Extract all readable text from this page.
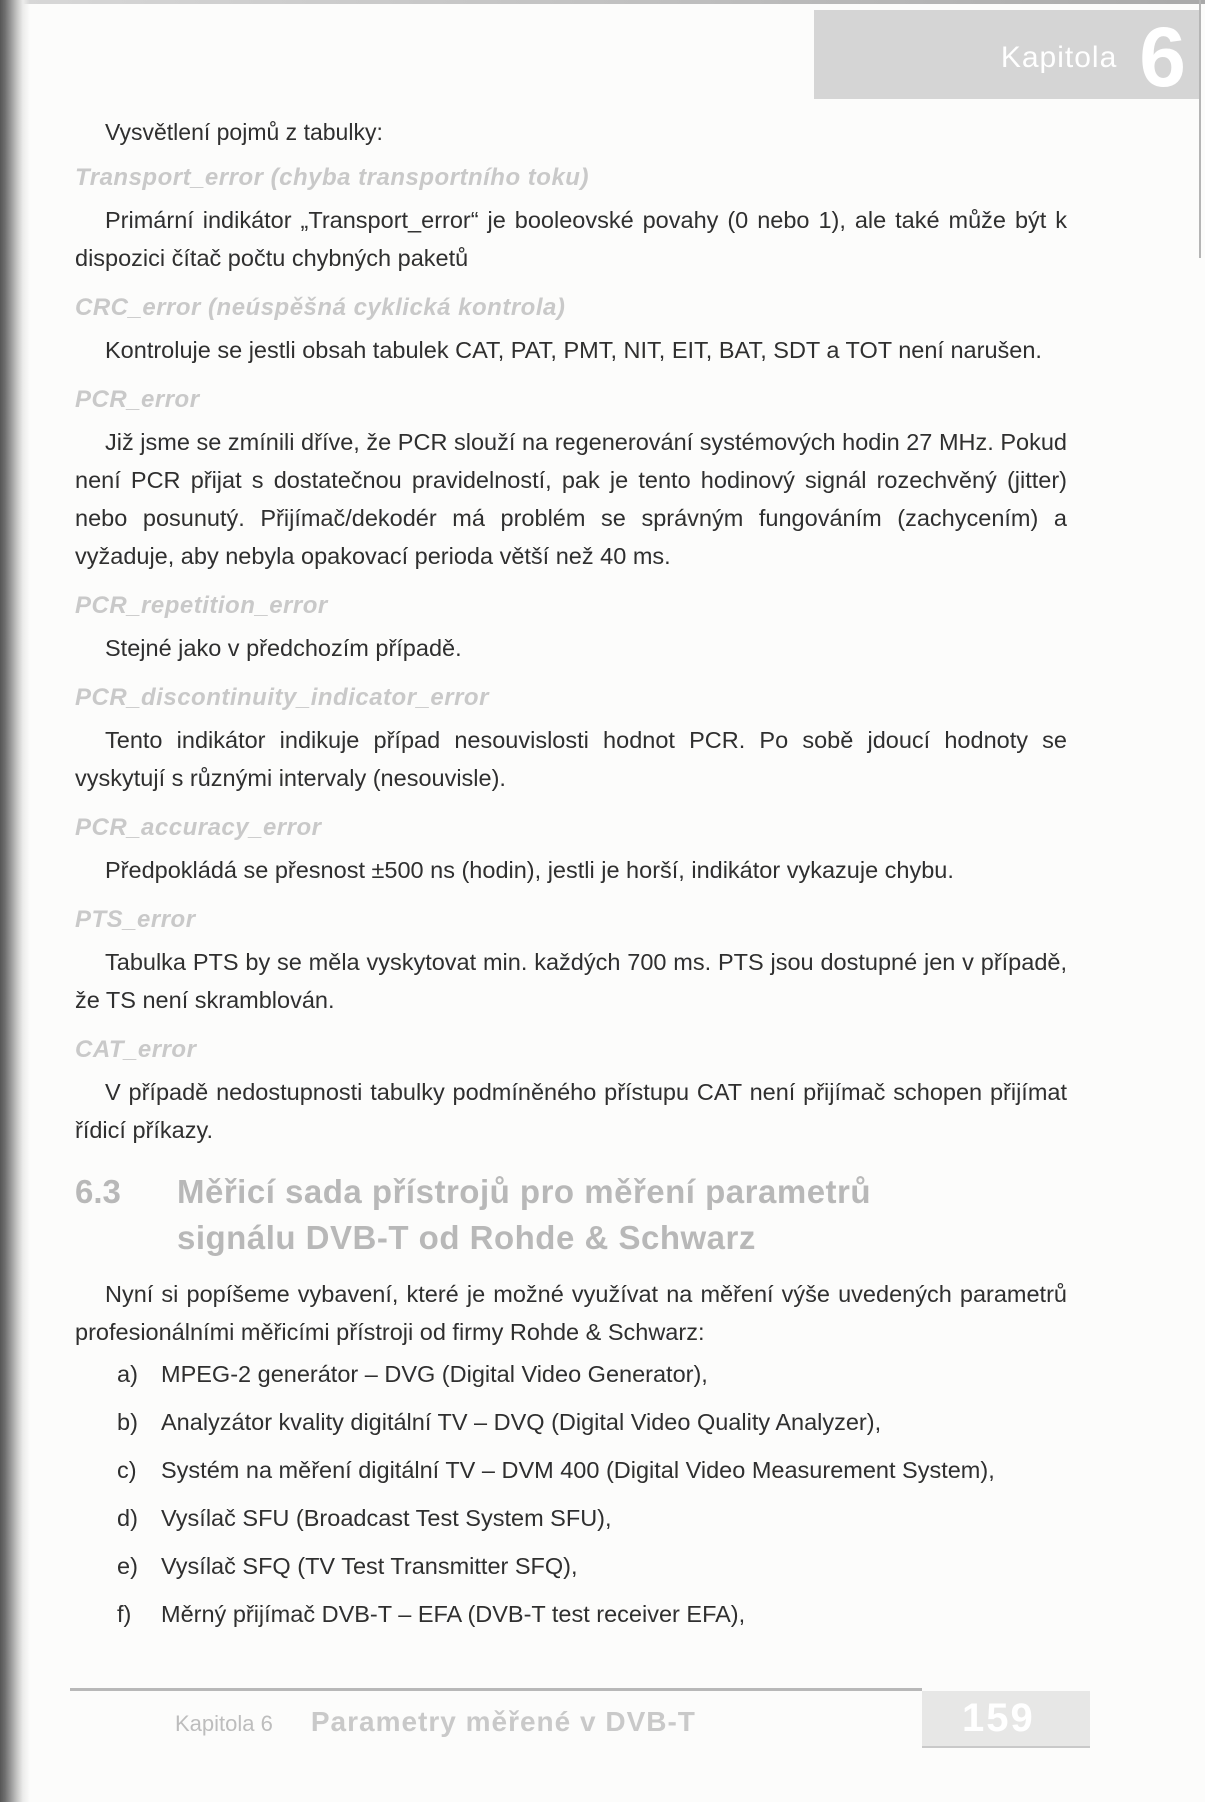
Kapitola 6

Vysvětlení pojmů z tabulky:

Transport_error (chyba transportního toku)

Primární indikátor „Transport_error“ je booleovské povahy (0 nebo 1), ale také může být k dispozici čítač počtu chybných paketů

CRC_error (neúspěšná cyklická kontrola)

Kontroluje se jestli obsah tabulek CAT, PAT, PMT, NIT, EIT, BAT, SDT a TOT není narušen.

PCR_error

Již jsme se zmínili dříve, že PCR slouží na regenerování systémových hodin 27 MHz. Pokud není PCR přijat s dostatečnou pravidelností, pak je tento hodinový signál rozechvěný (jitter) nebo posunutý. Přijímač/dekodér má problém se správným fungováním (zachycením) a vyžaduje, aby nebyla opakovací perioda větší než 40 ms.

PCR_repetition_error

Stejné jako v předchozím případě.

PCR_discontinuity_indicator_error

Tento indikátor indikuje případ nesouvislosti hodnot PCR. Po sobě jdoucí hodnoty se vyskytují s různými intervaly (nesouvisle).

PCR_accuracy_error

Předpokládá se přesnost ±500 ns (hodin), jestli je horší, indikátor vykazuje chybu.

PTS_error

Tabulka PTS by se měla vyskytovat min. každých 700 ms. PTS jsou dostupné jen v případě, že TS není skramblován.

CAT_error

V případě nedostupnosti tabulky podmíněného přístupu CAT není přijímač schopen přijímat řídicí příkazy.

6.3	Měřicí sada přístrojů pro měření parametrů signálu DVB-T od Rohde & Schwarz

Nyní si popíšeme vybavení, které je možné využívat na měření výše uvedených parametrů profesionálními měřicími přístroji od firmy Rohde & Schwarz:

a) MPEG-2 generátor – DVG (Digital Video Generator),
b) Analyzátor kvality digitální TV – DVQ (Digital Video Quality Analyzer),
c)	Systém na měření digitální TV – DVM 400 (Digital Video Measurement System),
d) Vysílač SFU (Broadcast Test System SFU),
e) Vysílač SFQ (TV Test Transmitter SFQ),
f)	Měrný přijímač DVB-T – EFA (DVB-T test receiver EFA),
Kapitola 6 Parametry měřené v DVB-T	159
